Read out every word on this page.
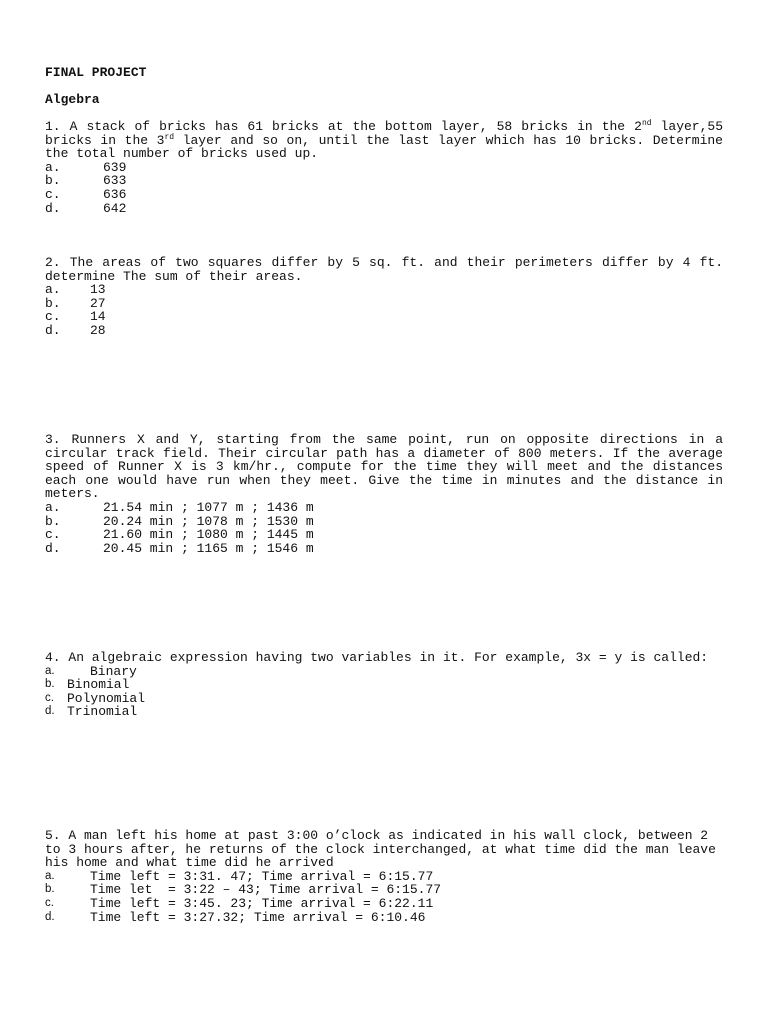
FINAL PROJECT

Algebra

1. A stack of bricks has 61 bricks at the bottom layer, 58 bricks in the 2nd layer,55 bricks in the 3rd layer and so on, until the last layer which has 10 bricks. Determine the total number of bricks used up.

a.	639
b.	633
c.	636
d.	642

2. The areas of two squares differ by 5 sq. ft. and their perimeters differ by 4 ft. determine The sum of their areas.

a.	13
b.	27
c.	14
d.	28

3. Runners X and Y, starting from the same point, run on opposite directions in a circular track field. Their circular path has a diameter of 800 meters. If the average speed of Runner X is 3 km/hr., compute for the time they will meet and the distances each one would have run when they meet. Give the time in minutes and the distance in meters.

a.	21.54 min ; 1077 m ; 1436 m
b.	20.24 min ; 1078 m ; 1530 m
c.	21.60 min ; 1080 m ; 1445 m
d.	20.45 min ; 1165 m ; 1546 m

4. An algebraic expression having two variables in it. For example, 3x = y is called:

a.	Binary
b. Binomial
c.	Polynomial
d. Trinomial

5. A man left his home at past 3:00 o’clock as indicated in his wall clock, between 2 to 3 hours after, he returns of the clock interchanged, at what time did the man leave his home and what time did he arrived

a.	Time left = 3:31. 47; Time arrival = 6:15.77
b.	Time let  = 3:22 – 43; Time arrival = 6:15.77
c.	Time left = 3:45. 23; Time arrival = 6:22.11
d.	Time left = 3:27.32; Time arrival = 6:10.46
